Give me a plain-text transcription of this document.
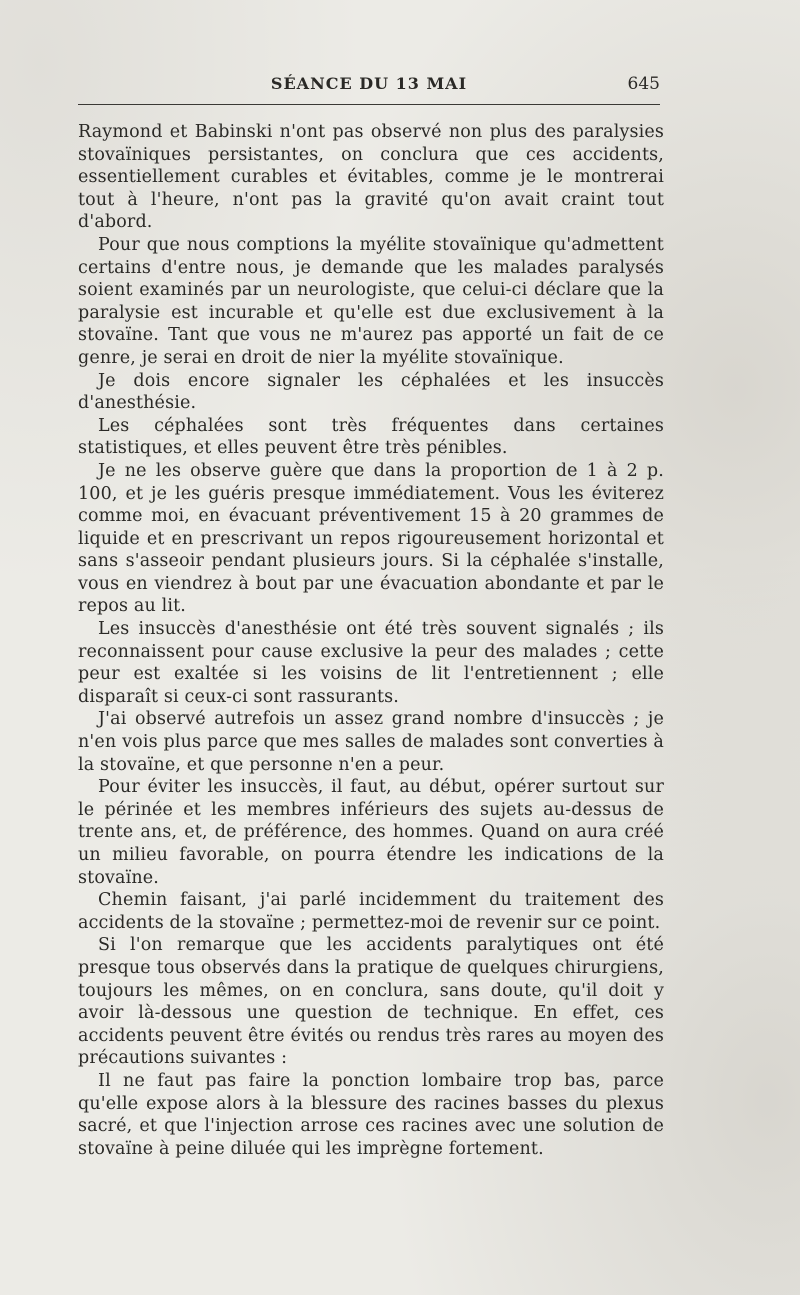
SÉANCE DU 13 MAI	645

Raymond et Babinski n'ont pas observé non plus des paralysies stovaïniques persistantes, on conclura que ces accidents, essentiellement curables et évitables, comme je le montrerai tout à l'heure, n'ont pas la gravité qu'on avait craint tout d'abord.

Pour que nous comptions la myélite stovaïnique qu'admettent certains d'entre nous, je demande que les malades paralysés soient examinés par un neurologiste, que celui-ci déclare que la paralysie est incurable et qu'elle est due exclusivement à la stovaïne. Tant que vous ne m'aurez pas apporté un fait de ce genre, je serai en droit de nier la myélite stovaïnique.

Je dois encore signaler les céphalées et les insuccès d'anesthésie.

Les céphalées sont très fréquentes dans certaines statistiques, et elles peuvent être très pénibles.

Je ne les observe guère que dans la proportion de 1 à 2 p. 100, et je les guéris presque immédiatement. Vous les éviterez comme moi, en évacuant préventivement 15 à 20 grammes de liquide et en prescrivant un repos rigoureusement horizontal et sans s'asseoir pendant plusieurs jours. Si la céphalée s'installe, vous en viendrez à bout par une évacuation abondante et par le repos au lit.

Les insuccès d'anesthésie ont été très souvent signalés ; ils reconnaissent pour cause exclusive la peur des malades ; cette peur est exaltée si les voisins de lit l'entretiennent ; elle disparaît si ceux-ci sont rassurants.

J'ai observé autrefois un assez grand nombre d'insuccès ; je n'en vois plus parce que mes salles de malades sont converties à la stovaïne, et que personne n'en a peur.

Pour éviter les insuccès, il faut, au début, opérer surtout sur le périnée et les membres inférieurs des sujets au-dessus de trente ans, et, de préférence, des hommes. Quand on aura créé un milieu favorable, on pourra étendre les indications de la stovaïne.

Chemin faisant, j'ai parlé incidemment du traitement des accidents de la stovaïne ; permettez-moi de revenir sur ce point.

Si l'on remarque que les accidents paralytiques ont été presque tous observés dans la pratique de quelques chirurgiens, toujours les mêmes, on en conclura, sans doute, qu'il doit y avoir là-dessous une question de technique. En effet, ces accidents peuvent être évités ou rendus très rares au moyen des précautions suivantes :

Il ne faut pas faire la ponction lombaire trop bas, parce qu'elle expose alors à la blessure des racines basses du plexus sacré, et que l'injection arrose ces racines avec une solution de stovaïne à peine diluée qui les imprègne fortement.
